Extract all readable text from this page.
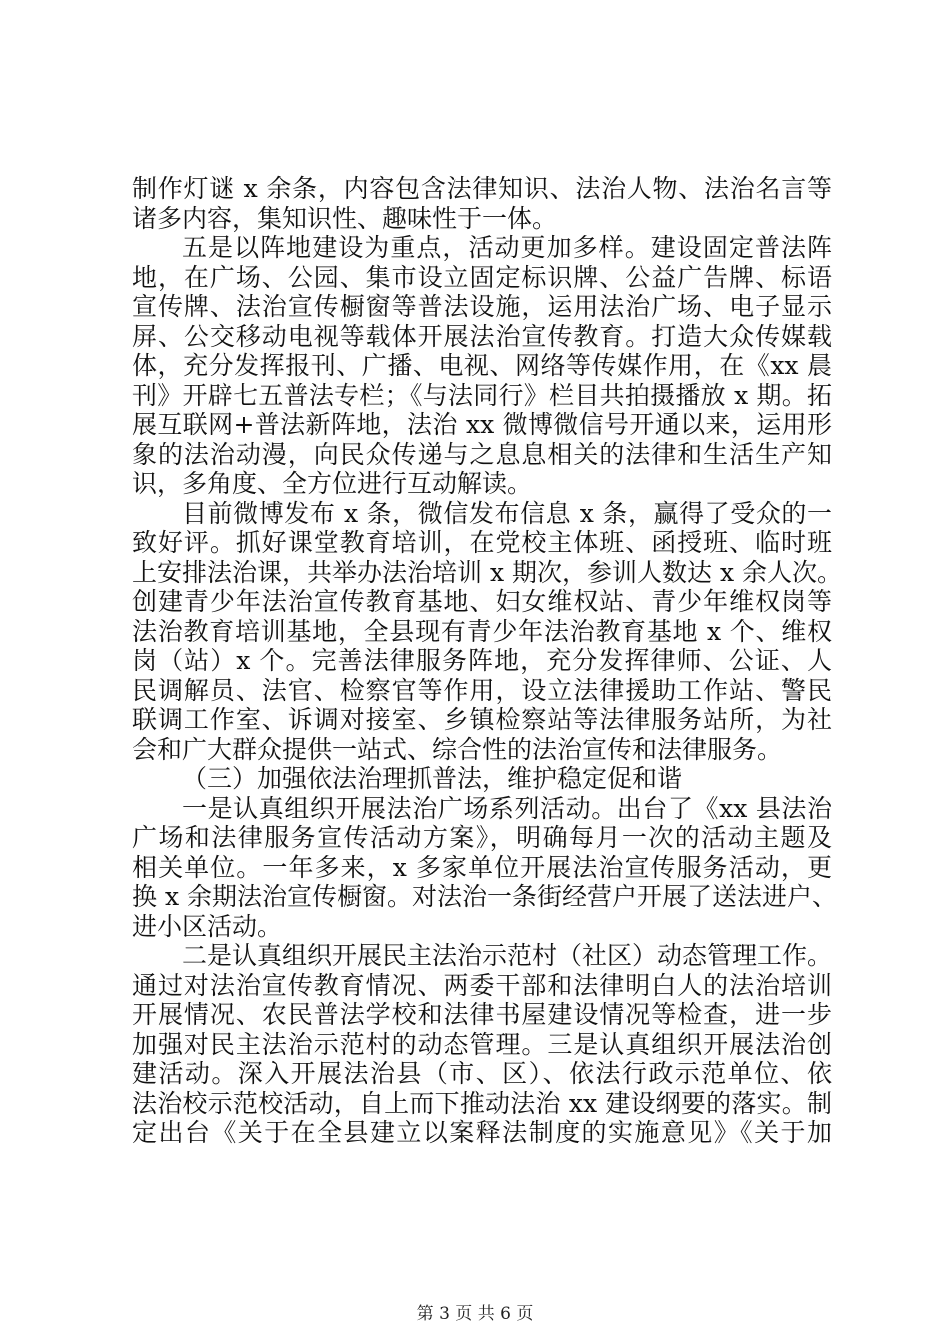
制作灯谜 x 余条，内容包含法律知识、法治人物、法治名言等
诸多内容，集知识性、趣味性于一体。
五是以阵地建设为重点，活动更加多样。建设固定普法阵
地，在广场、公园、集市设立固定标识牌、公益广告牌、标语
宣传牌、法治宣传橱窗等普法设施，运用法治广场、电子显示
屏、公交移动电视等载体开展法治宣传教育。打造大众传媒载
体，充分发挥报刊、广播、电视、网络等传媒作用，在《xx 晨
刊》开辟七五普法专栏；《与法同行》栏目共拍摄播放 x 期。拓
展互联网+普法新阵地，法治 xx 微博微信号开通以来，运用形
象的法治动漫，向民众传递与之息息相关的法律和生活生产知
识，多角度、全方位进行互动解读。
目前微博发布 x 条，微信发布信息 x 条，赢得了受众的一
致好评。抓好课堂教育培训，在党校主体班、函授班、临时班
上安排法治课，共举办法治培训 x 期次，参训人数达 x 余人次。
创建青少年法治宣传教育基地、妇女维权站、青少年维权岗等
法治教育培训基地，全县现有青少年法治教育基地 x 个、维权
岗（站）x 个。完善法律服务阵地，充分发挥律师、公证、人
民调解员、法官、检察官等作用，设立法律援助工作站、警民
联调工作室、诉调对接室、乡镇检察站等法律服务站所，为社
会和广大群众提供一站式、综合性的法治宣传和法律服务。
（三）加强依法治理抓普法，维护稳定促和谐
一是认真组织开展法治广场系列活动。出台了《xx 县法治
广场和法律服务宣传活动方案》，明确每月一次的活动主题及
相关单位。一年多来，x 多家单位开展法治宣传服务活动，更
换 x 余期法治宣传橱窗。对法治一条街经营户开展了送法进户、
进小区活动。
二是认真组织开展民主法治示范村（社区）动态管理工作。
通过对法治宣传教育情况、两委干部和法律明白人的法治培训
开展情况、农民普法学校和法律书屋建设情况等检查，进一步
加强对民主法治示范村的动态管理。三是认真组织开展法治创
建活动。深入开展法治县（市、区）、依法行政示范单位、依
法治校示范校活动，自上而下推动法治 xx 建设纲要的落实。制
定出台《关于在全县建立以案释法制度的实施意见》《关于加
第 3 页 共 6 页
